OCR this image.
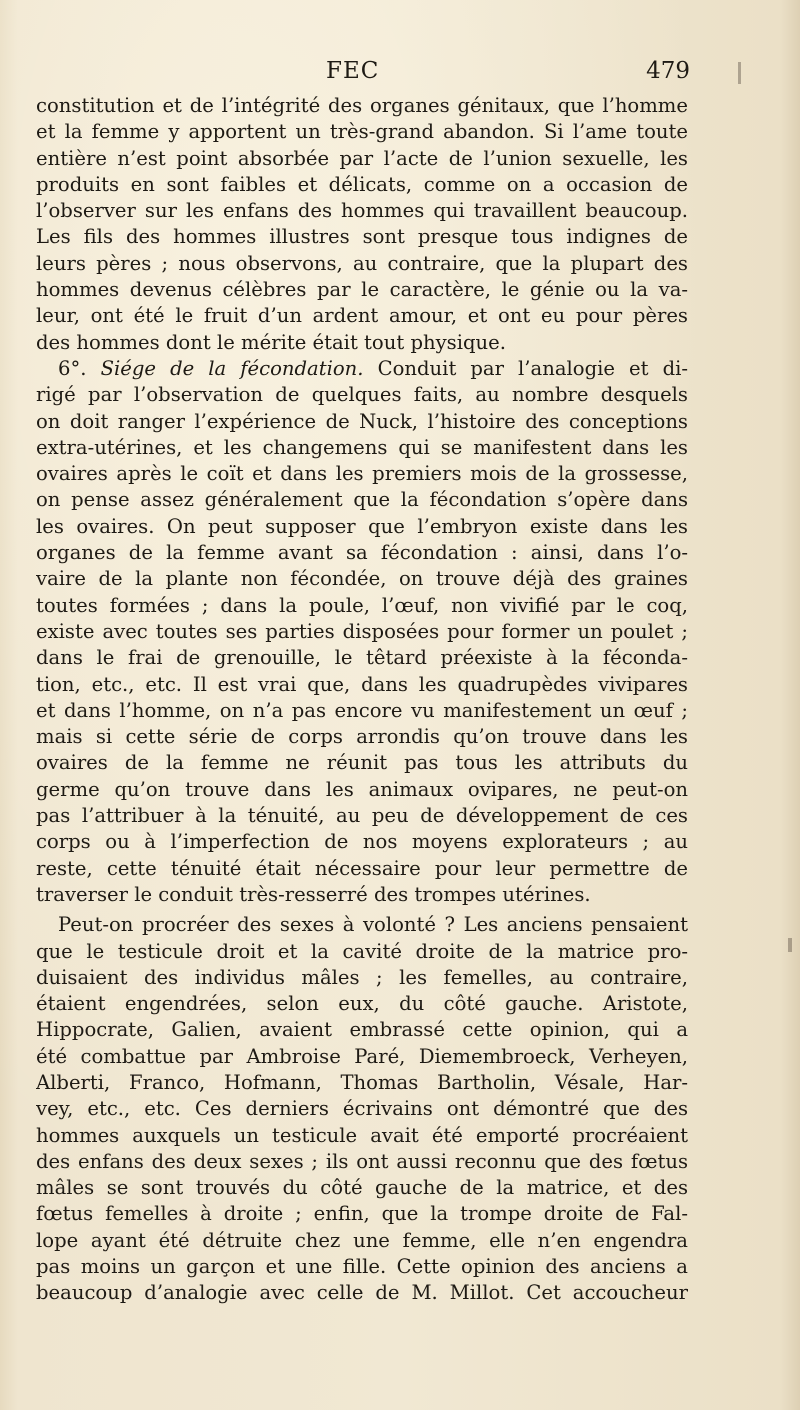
FEC	479
constitution et de l’intégrité des organes génitaux, que l’homme
et la femme y apportent un très-grand abandon. Si l’ame toute
entière n’est point absorbée par l’acte de l’union sexuelle, les
produits en sont faibles et délicats, comme on a occasion de
l’observer sur les enfans des hommes qui travaillent beaucoup.
Les fils des hommes illustres sont presque tous indignes de
leurs pères ; nous observons, au contraire, que la plupart des
hommes devenus célèbres par le caractère, le génie ou la va-
leur, ont été le fruit d’un ardent amour, et ont eu pour pères
des hommes dont le mérite était tout physique.
6°. Siége de la fécondation. Conduit par l’analogie et di-
rigé par l’observation de quelques faits, au nombre desquels
on doit ranger l’expérience de Nuck, l’histoire des conceptions
extra-utérines, et les changemens qui se manifestent dans les
ovaires après le coït et dans les premiers mois de la grossesse,
on pense assez généralement que la fécondation s’opère dans
les ovaires. On peut supposer que l’embryon existe dans les
organes de la femme avant sa fécondation : ainsi, dans l’o-
vaire de la plante non fécondée, on trouve déjà des graines
toutes formées ; dans la poule, l’œuf, non vivifié par le coq,
existe avec toutes ses parties disposées pour former un poulet ;
dans le frai de grenouille, le têtard préexiste à la féconda-
tion, etc., etc. Il est vrai que, dans les quadrupèdes vivipares
et dans l’homme, on n’a pas encore vu manifestement un œuf ;
mais si cette série de corps arrondis qu’on trouve dans les
ovaires de la femme ne réunit pas tous les attributs du
germe qu’on trouve dans les animaux ovipares, ne peut-on
pas l’attribuer à la ténuité, au peu de développement de ces
corps ou à l’imperfection de nos moyens explorateurs ; au
reste, cette ténuité était nécessaire pour leur permettre de
traverser le conduit très-resserré des trompes utérines.
Peut-on procréer des sexes à volonté ? Les anciens pensaient
que le testicule droit et la cavité droite de la matrice pro-
duisaient des individus mâles ; les femelles, au contraire,
étaient engendrées, selon eux, du côté gauche. Aristote,
Hippocrate, Galien, avaient embrassé cette opinion, qui a
été combattue par Ambroise Paré, Diemembroeck, Verheyen,
Alberti, Franco, Hofmann, Thomas Bartholin, Vésale, Har-
vey, etc., etc. Ces derniers écrivains ont démontré que des
hommes auxquels un testicule avait été emporté procréaient
des enfans des deux sexes ; ils ont aussi reconnu que des fœtus
mâles se sont trouvés du côté gauche de la matrice, et des
fœtus femelles à droite ; enfin, que la trompe droite de Fal-
lope ayant été détruite chez une femme, elle n’en engendra
pas moins un garçon et une fille. Cette opinion des anciens a
beaucoup d’analogie avec celle de M. Millot. Cet accoucheur
